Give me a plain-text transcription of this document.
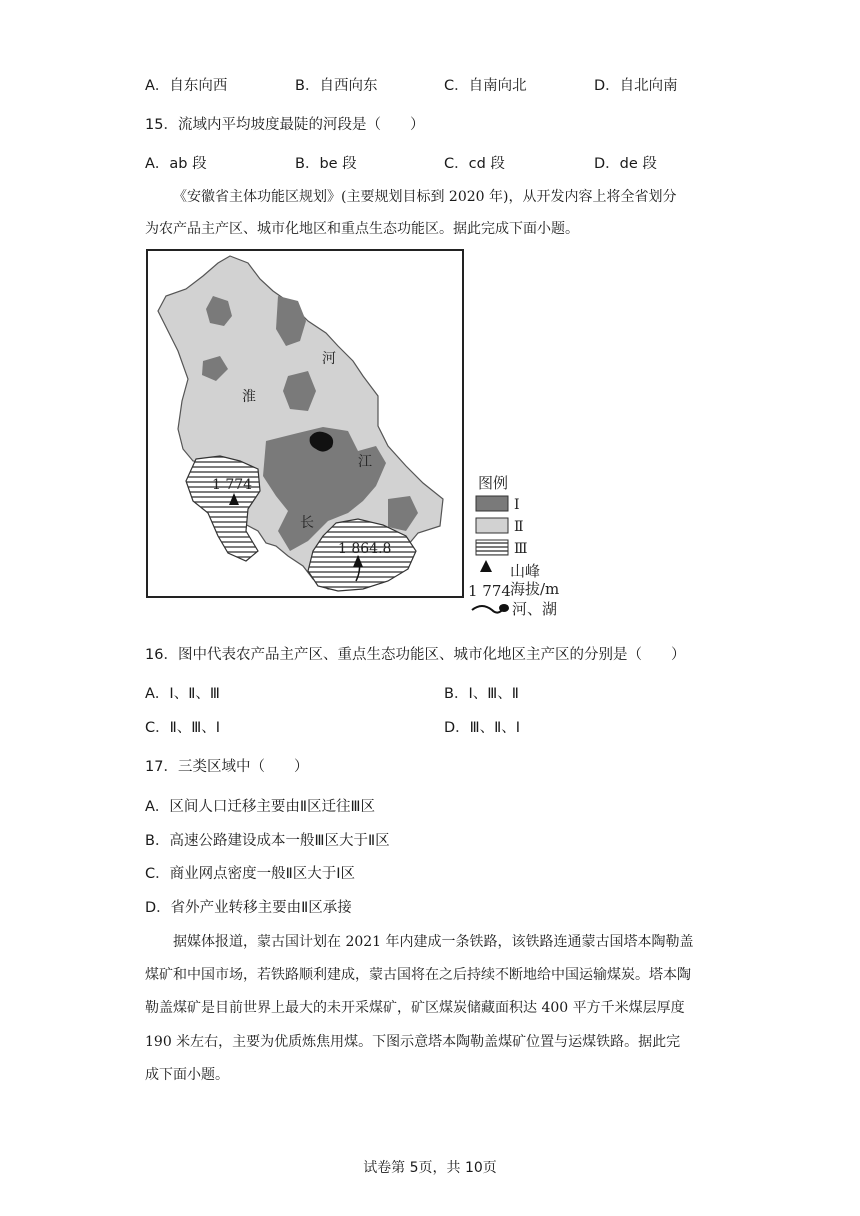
A．自东向西	B．自西向东	C．自南向北	D．自北向南
15．流域内平均坡度最陡的河段是（　　）
A．ab 段	B．be 段	C．cd 段	D．de 段
《安徽省主体功能区规划》(主要规划目标到 2020 年)，从开发内容上将全省划分
为农产品主产区、城市化地区和重点生态功能区。据此完成下面小题。
河
淮
江
长
1 774
1 864.8
图例
Ⅰ
Ⅱ
Ⅲ
山峰
1 774 海拔/m
河、湖
16．图中代表农产品主产区、重点生态功能区、城市化地区主产区的分别是（　　）
A．Ⅰ、Ⅱ、Ⅲ	B．Ⅰ、Ⅲ、Ⅱ
C．Ⅱ、Ⅲ、Ⅰ	D．Ⅲ、Ⅱ、Ⅰ
17．三类区域中（　　）
A．区间人口迁移主要由Ⅱ区迁往Ⅲ区
B．高速公路建设成本一般Ⅲ区大于Ⅱ区
C．商业网点密度一般Ⅱ区大于Ⅰ区
D．省外产业转移主要由Ⅱ区承接
据媒体报道，蒙古国计划在 2021 年内建成一条铁路，该铁路连通蒙古国塔本陶勒盖
煤矿和中国市场，若铁路顺利建成，蒙古国将在之后持续不断地给中国运输煤炭。塔本陶
勒盖煤矿是目前世界上最大的未开采煤矿，矿区煤炭储藏面积达 400 平方千米煤层厚度
190 米左右，主要为优质炼焦用煤。下图示意塔本陶勒盖煤矿位置与运煤铁路。据此完
成下面小题。
试卷第 5页，共 10页
